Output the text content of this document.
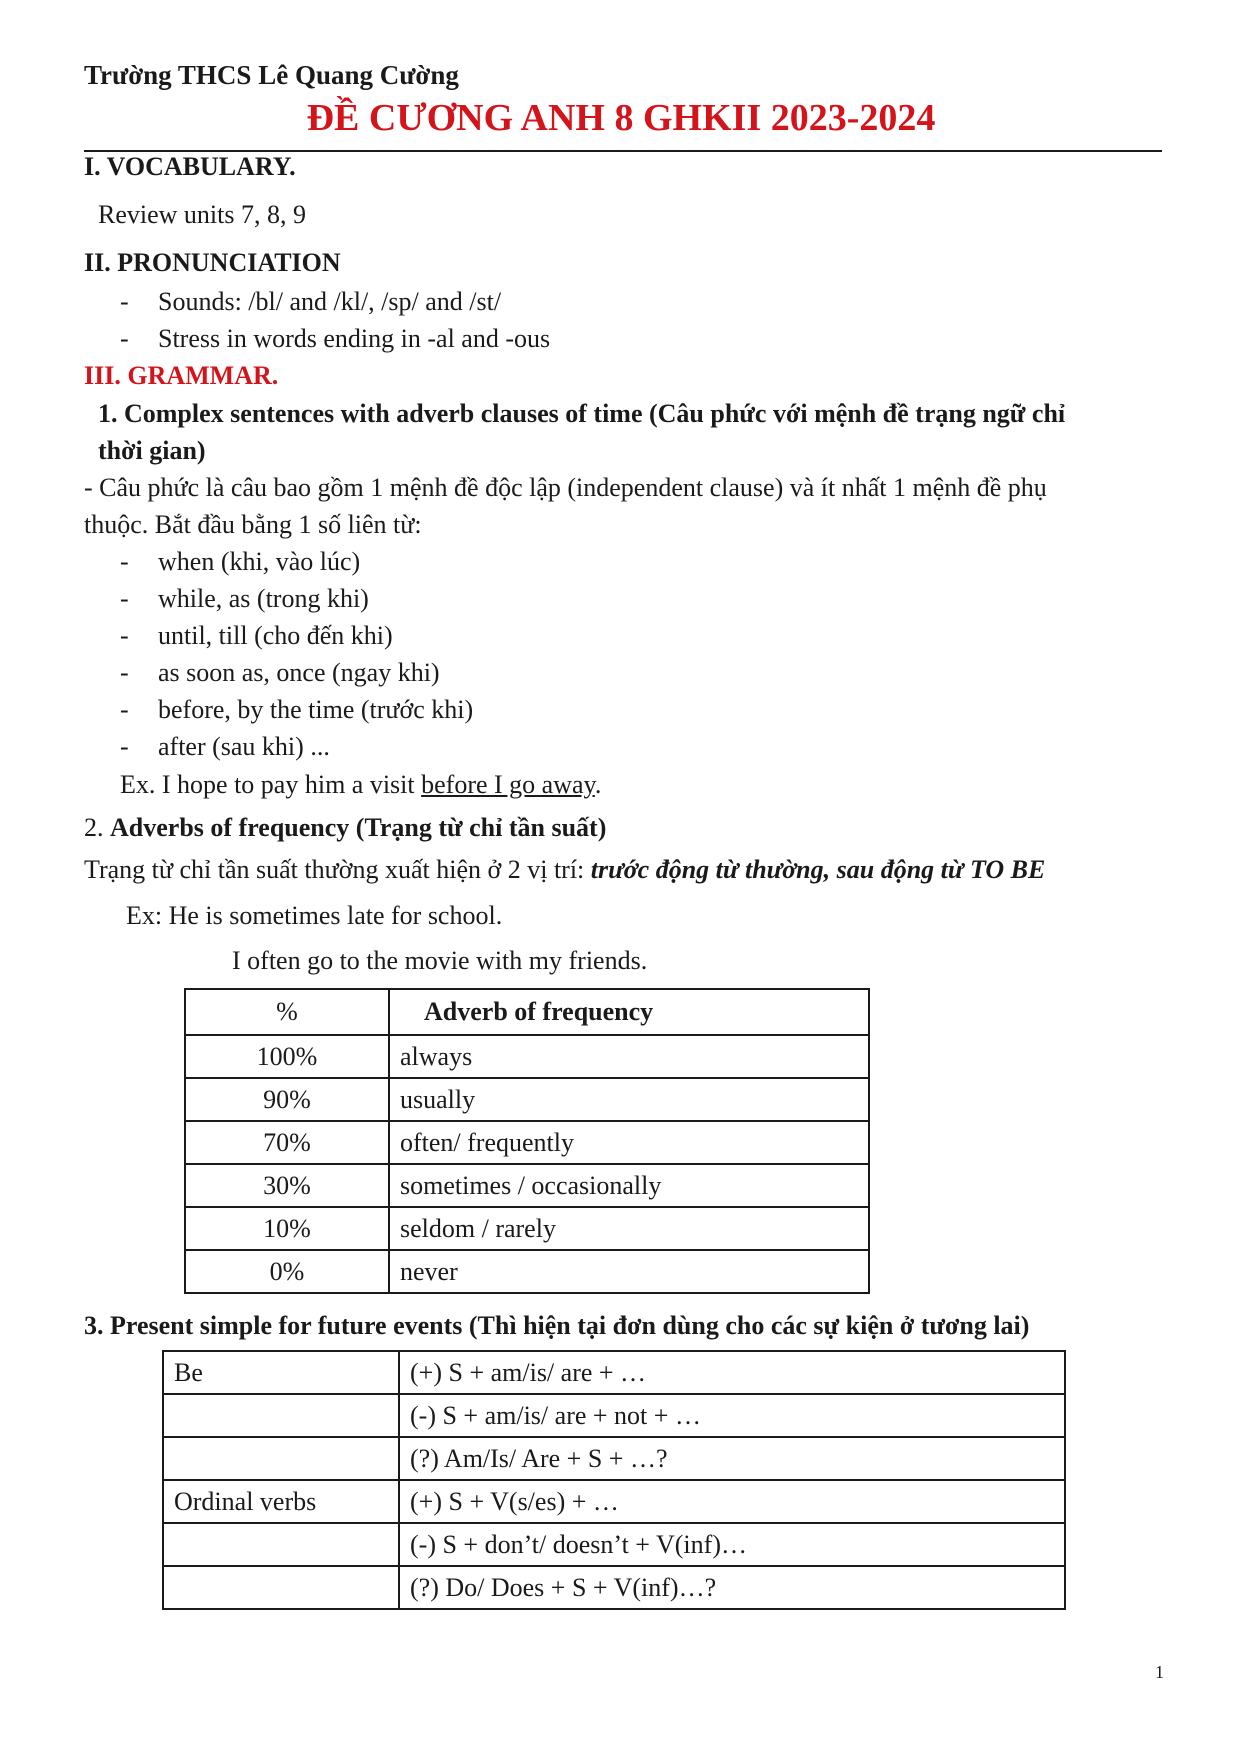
Trường THCS Lê Quang Cường
ĐỀ CƯƠNG ANH 8 GHKII 2023-2024
I. VOCABULARY.
Review units 7, 8, 9
II. PRONUNCIATION
- Sounds: /bl/ and /kl/, /sp/ and /st/
- Stress in words ending in -al and -ous
III. GRAMMAR.
1. Complex sentences with adverb clauses of time (Câu phức với mệnh đề trạng ngữ chỉ
thời gian)
- Câu phức là câu bao gồm 1 mệnh đề độc lập (independent clause) và ít nhất 1 mệnh đề phụ
thuộc. Bắt đầu bằng 1 số liên từ:
- when (khi, vào lúc)
- while, as (trong khi)
- until, till (cho đến khi)
- as soon as, once (ngay khi)
- before, by the time (trước khi)
- after (sau khi) ...
Ex. I hope to pay him a visit before I go away.
2. Adverbs of frequency (Trạng từ chỉ tần suất)
Trạng từ chỉ tần suất thường xuất hiện ở 2 vị trí: trước động từ thường, sau động từ TO BE
Ex: He is sometimes late for school.
I often go to the movie with my friends.
%	Adverb of frequency
100%	always
90%	usually
70%	often/ frequently
30%	sometimes / occasionally
10%	seldom / rarely
0%	never
3. Present simple for future events (Thì hiện tại đơn dùng cho các sự kiện ở tương lai)
Be	(+) S + am/is/ are + …
	(-) S + am/is/ are + not + …
	(?) Am/Is/ Are + S + …?
Ordinal verbs	(+) S + V(s/es) + …
	(-) S + don’t/ doesn’t + V(inf)…
	(?) Do/ Does + S + V(inf)…?
1
